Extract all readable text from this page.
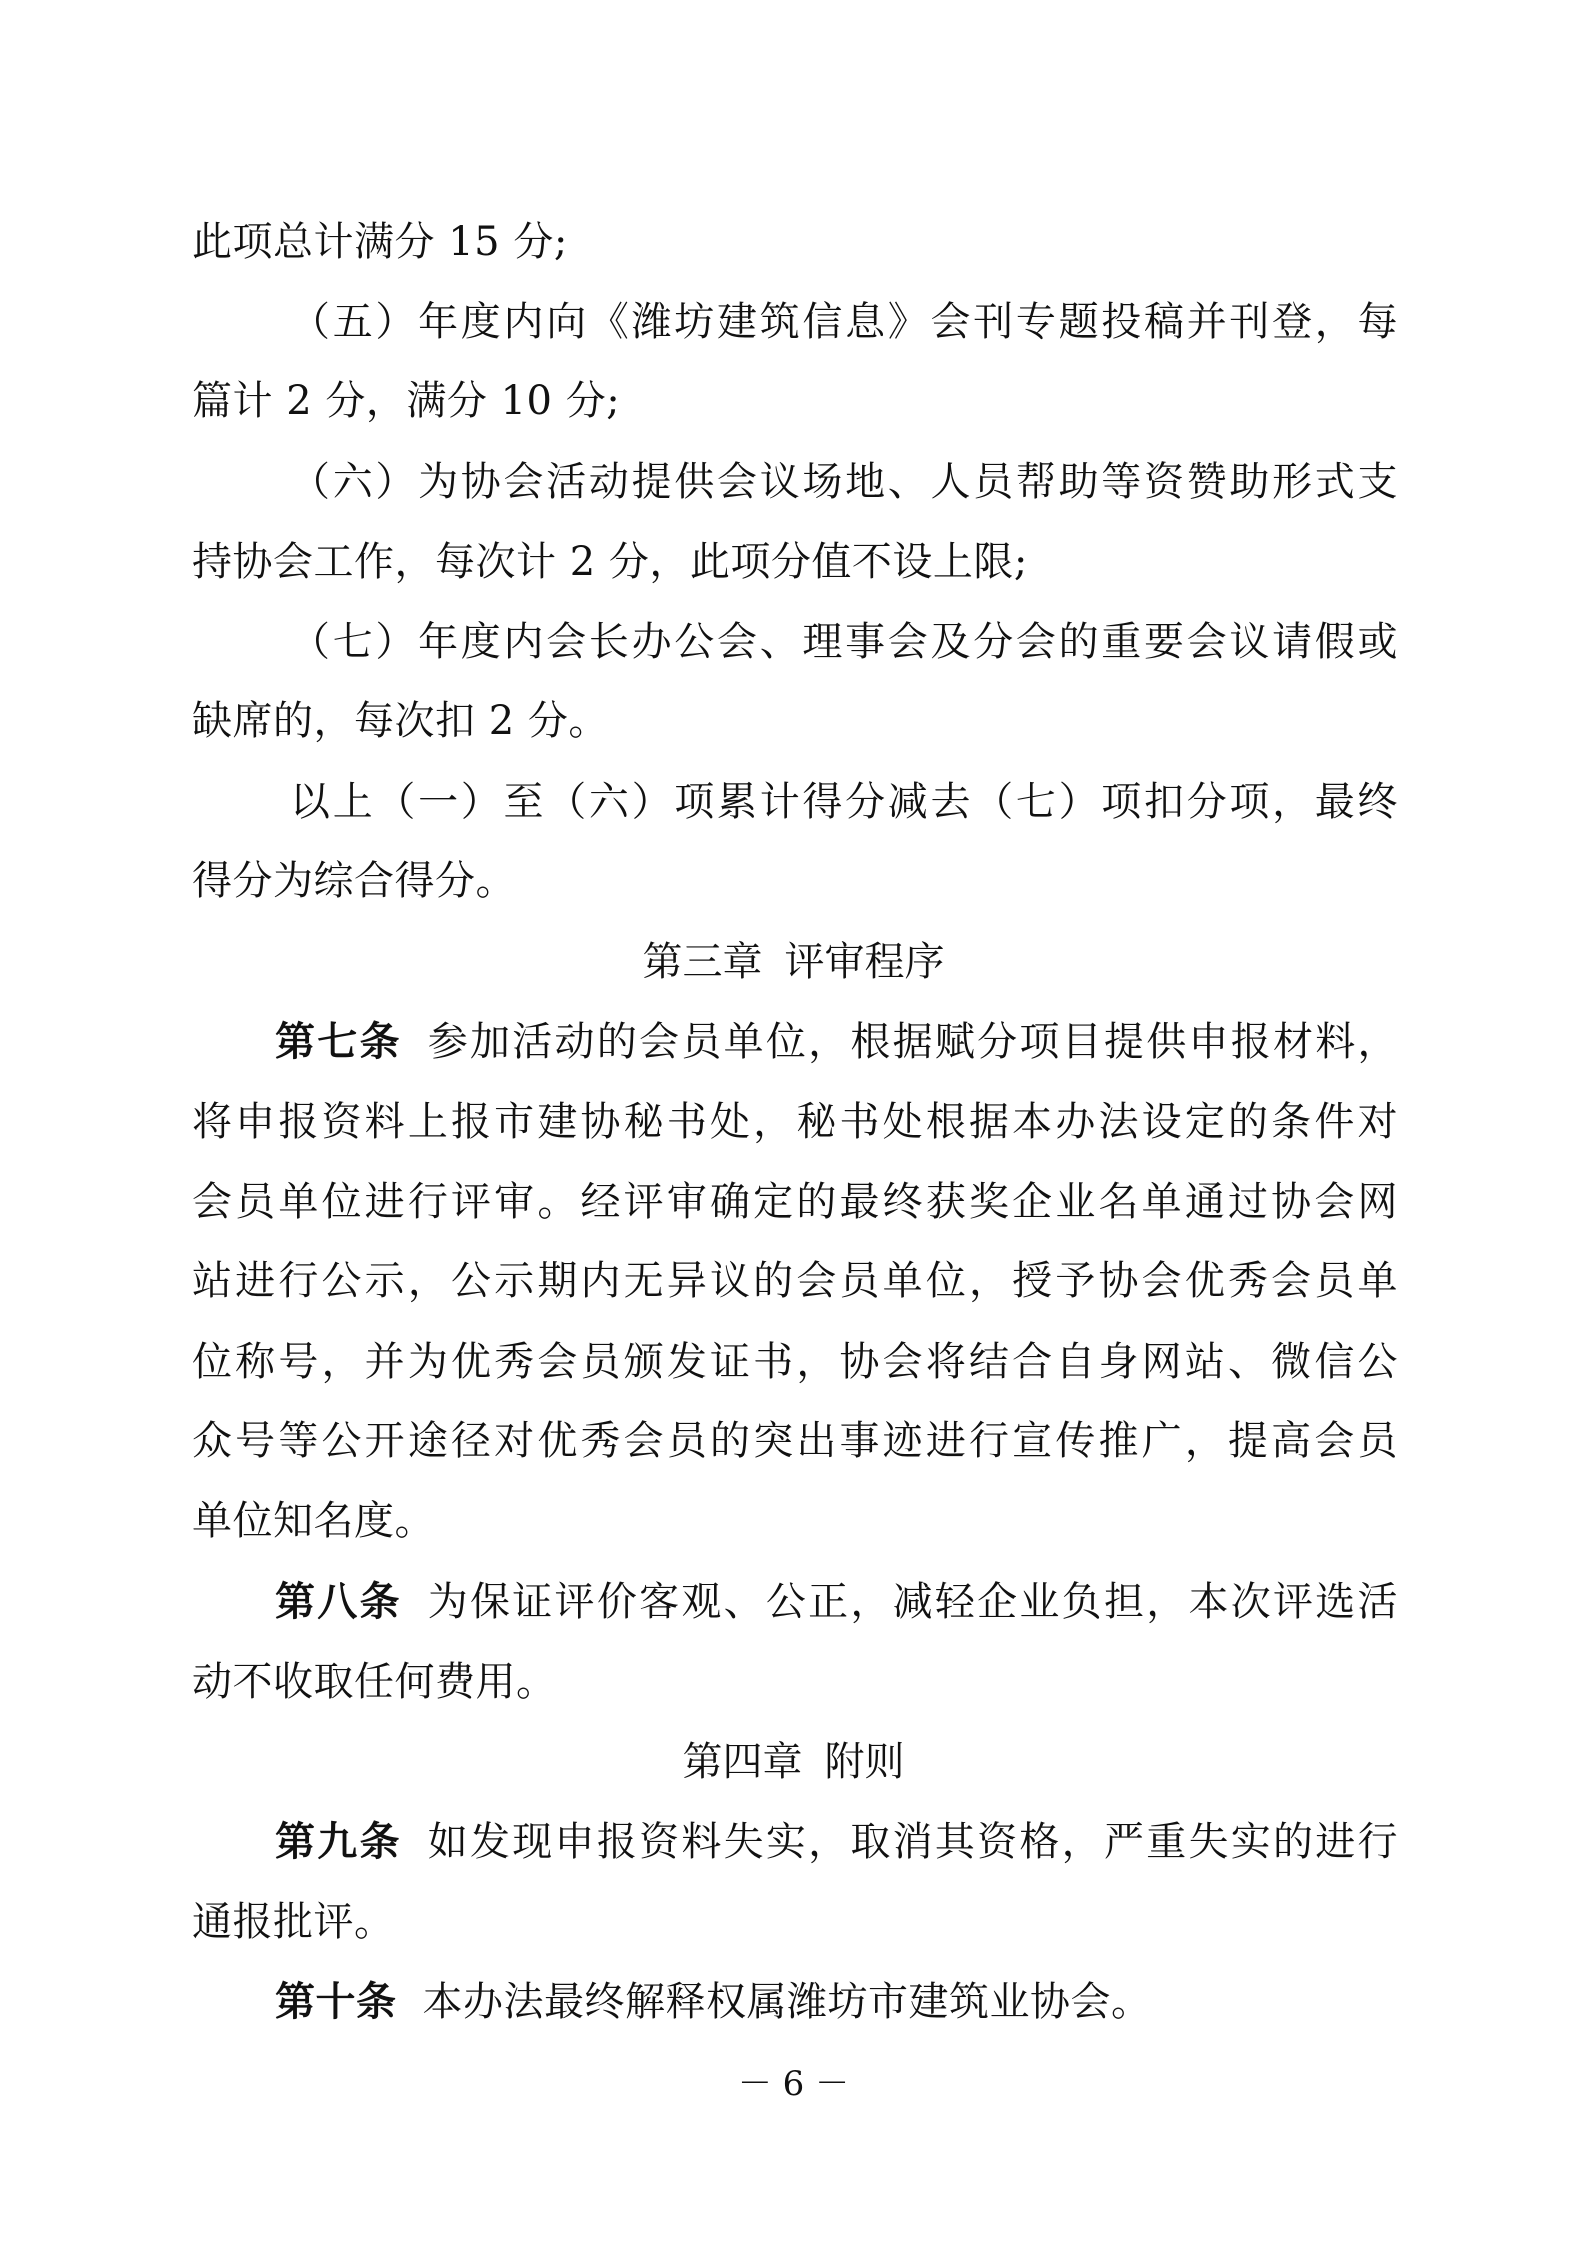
此项总计满分 15 分;
（五）年度内向《潍坊建筑信息》会刊专题投稿并刊登，每
篇计 2 分，满分 10 分;
（六）为协会活动提供会议场地、人员帮助等资赞助形式支
持协会工作，每次计 2 分，此项分值不设上限;
（七）年度内会长办公会、理事会及分会的重要会议请假或
缺席的，每次扣 2 分。
以上（一）至（六）项累计得分减去（七）项扣分项，最终
得分为综合得分。
第三章 评审程序
第七条 参加活动的会员单位，根据赋分项目提供申报材料，
将申报资料上报市建协秘书处，秘书处根据本办法设定的条件对
会员单位进行评审。经评审确定的最终获奖企业名单通过协会网
站进行公示，公示期内无异议的会员单位，授予协会优秀会员单
位称号，并为优秀会员颁发证书，协会将结合自身网站、微信公
众号等公开途径对优秀会员的突出事迹进行宣传推广，提高会员
单位知名度。
第八条 为保证评价客观、公正，减轻企业负担，本次评选活
动不收取任何费用。
第四章 附则
第九条 如发现申报资料失实，取消其资格，严重失实的进行
通报批评。
第十条 本办法最终解释权属潍坊市建筑业协会。
－ 6 －
